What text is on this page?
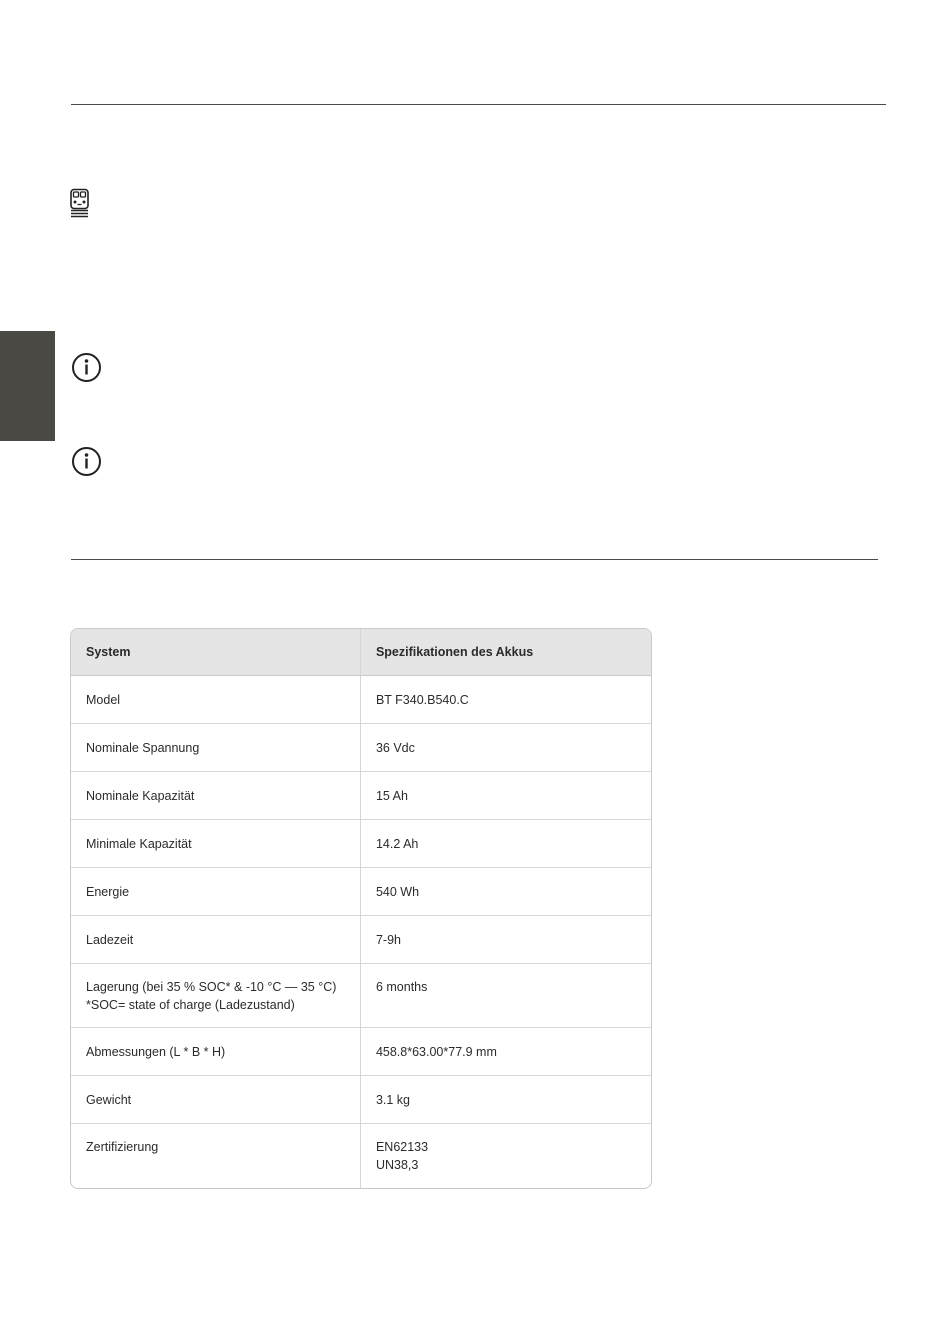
System	Spezifikationen des Akkus
Model	BT F340.B540.C
Nominale Spannung	36 Vdc
Nominale Kapazität	15 Ah
Minimale Kapazität	14.2 Ah
Energie	540 Wh
Ladezeit	7-9h

Lagerung (bei 35 % SOC* & -10 °C — 35 °C)
*SOC= state of charge (Ladezustand)	6 months
Abmessungen (L * B * H)	458.8*63.00*77.9 mm
Gewicht	3.1 kg
Zertifizierung	EN62133
UN38,3
